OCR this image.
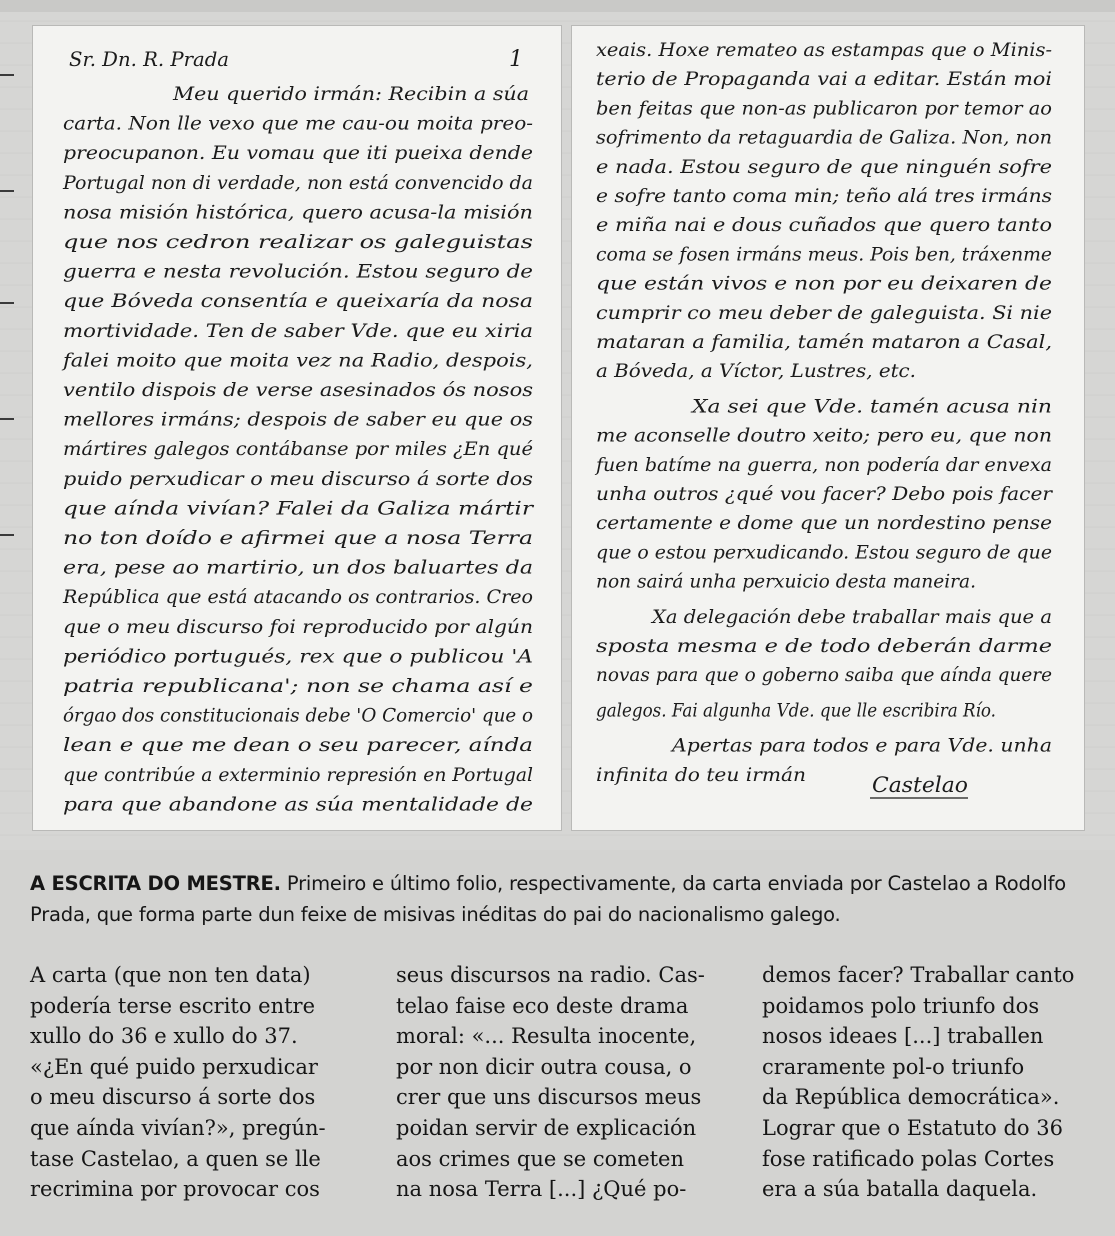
Sr. Dn. R. Prada	1
Meu querido irmán: Recibin a súa
carta. Non lle vexo que me cau-ou moita preo-
preocupanon. Eu vomau que iti pueixa dende
Portugal non di verdade, non está convencido da
nosa misión histórica, quero acusa-la misión
que nos cedron realizar os galeguistas
guerra e nesta revolución. Estou seguro de
que Bóveda consentía e queixaría da nosa
mortividade. Ten de saber Vde. que eu xiria
falei moito que moita vez na Radio, despois,
ventilo dispois de verse asesinados ós nosos
mellores irmáns; despois de saber eu que os
mártires galegos contábanse por miles ¿En qué
puido perxudicar o meu discurso á sorte dos
que aínda vivían? Falei da Galiza mártir
no ton doído e afirmei que a nosa Terra
era, pese ao martirio, un dos baluartes da
República que está atacando os contrarios. Creo
que o meu discurso foi reproducido por algún
periódico portugués, rex que o publicou 'A
patria republicana'; non se chama así e
órgao dos constitucionais debe 'O Comercio' que o
lean e que me dean o seu parecer, aínda
que contribúe a exterminio represión en Portugal
para que abandone as súa mentalidade de
xeais. Hoxe remateo as estampas que o Minis-
terio de Propaganda vai a editar. Están moi
ben feitas que non-as publicaron por temor ao
sofrimento da retaguardia de Galiza. Non, non
e nada. Estou seguro de que ninguén sofre
e sofre tanto coma min; teño alá tres irmáns
e miña nai e dous cuñados que quero tanto
coma se fosen irmáns meus. Pois ben, tráxenme
que están vivos e non por eu deixaren de
cumprir co meu deber de galeguista. Si nie
mataran a familia, tamén mataron a Casal,
a Bóveda, a Víctor, Lustres, etc.
Xa sei que Vde. tamén acusa nin
me aconselle doutro xeito; pero eu, que non
fuen batíme na guerra, non podería dar envexa
unha outros ¿qué vou facer? Debo pois facer
certamente e dome que un nordestino pense
que o estou perxudicando. Estou seguro de que
non sairá unha perxuicio desta maneira.
Xa delegación debe traballar mais que a
sposta mesma e de todo deberán darme
novas para que o goberno saiba que aínda quere
galegos. Fai algunha Vde. que lle escribira Río.
Apertas para todos e para Vde. unha
infinita do teu irmán	Castelao
A ESCRITA DO MESTRE. Primeiro e último folio, respectivamente, da carta enviada por Castelao a Rodolfo Prada, que forma parte dun feixe de misivas inéditas do pai do nacionalismo galego.
A carta (que non ten data)
podería terse escrito entre
xullo do 36 e xullo do 37.
«¿En qué puido perxudicar
o meu discurso á sorte dos
que aínda vivían?», pregún-
tase Castelao, a quen se lle
recrimina por provocar cos
seus discursos na radio. Cas-
telao faise eco deste drama
moral: «... Resulta inocente,
por non dicir outra cousa, o
crer que uns discursos meus
poidan servir de explicación
aos crimes que se cometen
na nosa Terra [...] ¿Qué po-
demos facer? Traballar canto
poidamos polo triunfo dos
nosos ideaes [...] traballen
craramente pol-o triunfo
da República democrática».
Lograr que o Estatuto do 36
fose ratificado polas Cortes
era a súa batalla daquela.
